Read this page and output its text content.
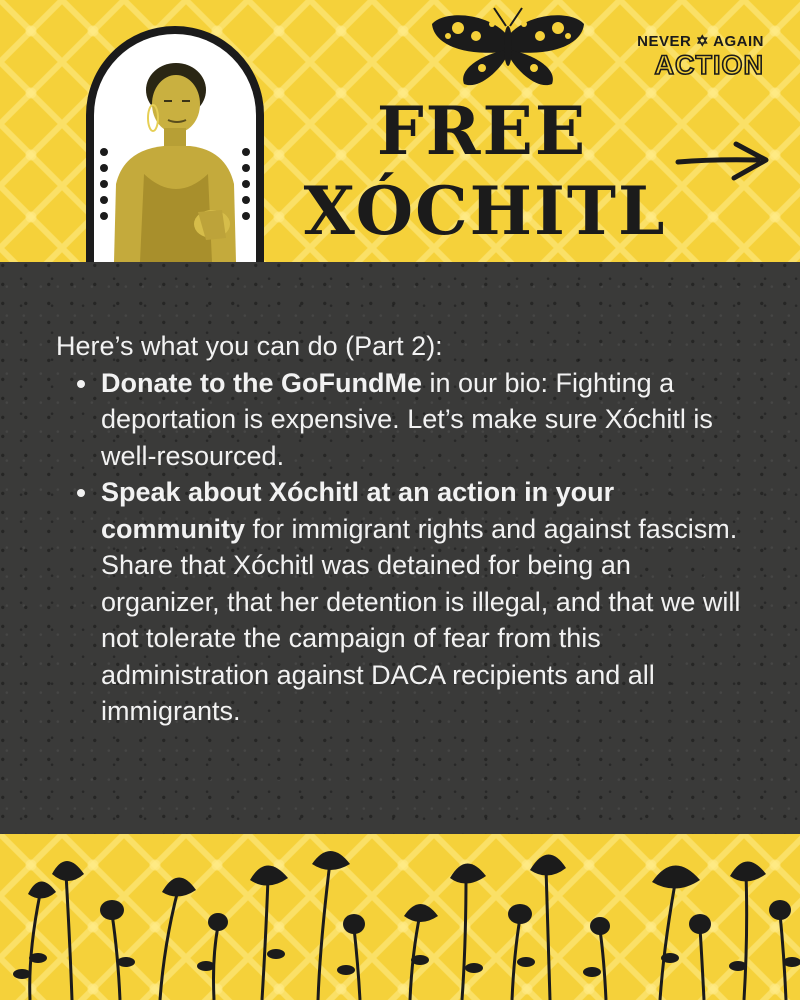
NEVER ✡ AGAIN
ACTION
FREE
XÓCHITL

Here’s what you can do (Part 2):

Donate to the GoFundMe in our bio: Fighting a deportation is expensive. Let’s make sure Xóchitl is well-resourced.
Speak about Xóchitl at an action in your community for immigrant rights and against fascism. Share that Xóchitl was detained for being an organizer, that her detention is illegal, and that we will not tolerate the campaign of fear from this administration against DACA recipients and all immigrants.
